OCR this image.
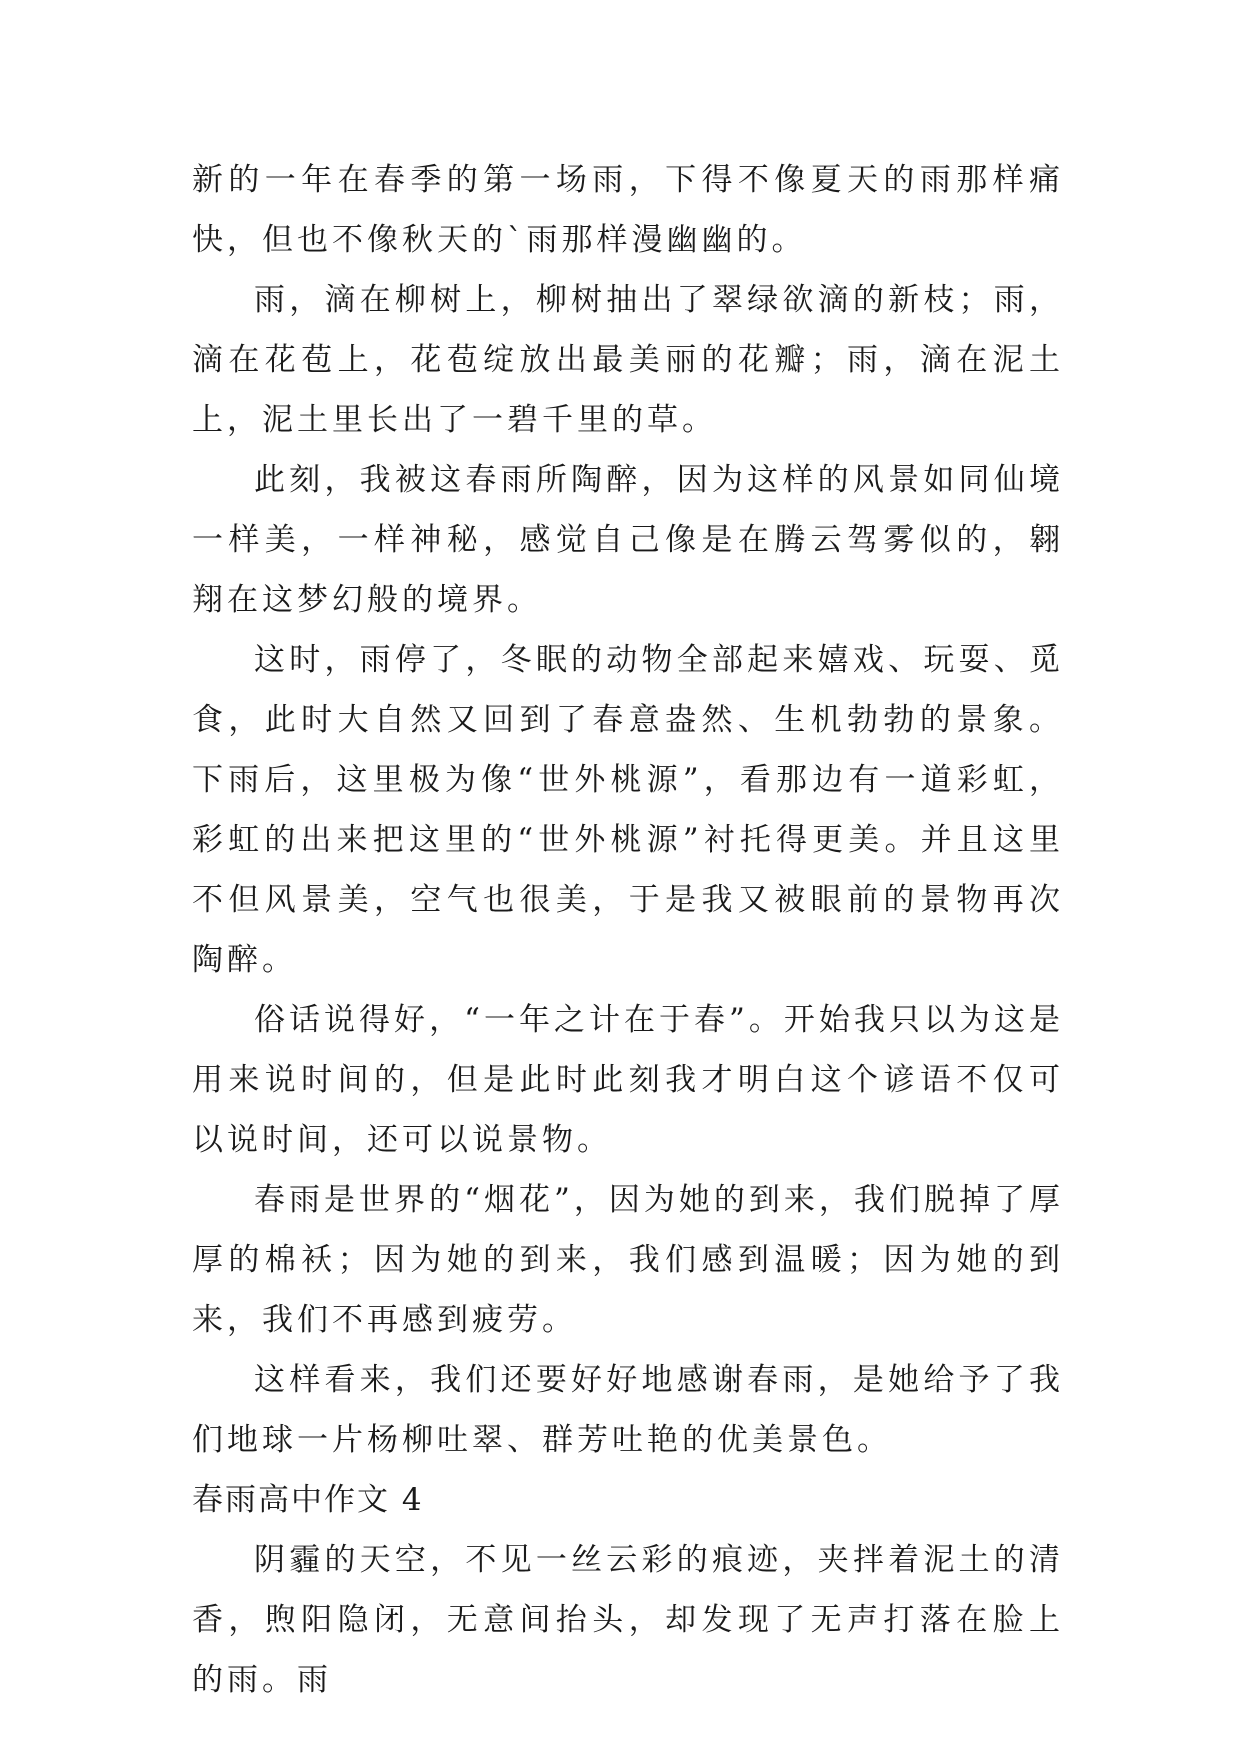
新的一年在春季的第一场雨，下得不像夏天的雨那样痛快，但也不像秋天的`雨那样漫幽幽的。

雨，滴在柳树上，柳树抽出了翠绿欲滴的新枝；雨，滴在花苞上，花苞绽放出最美丽的花瓣；雨，滴在泥土上，泥土里长出了一碧千里的草。

此刻，我被这春雨所陶醉，因为这样的风景如同仙境一样美，一样神秘，感觉自己像是在腾云驾雾似的，翱翔在这梦幻般的境界。

这时，雨停了，冬眠的动物全部起来嬉戏、玩耍、觅食，此时大自然又回到了春意盎然、生机勃勃的景象。下雨后，这里极为像“世外桃源”，看那边有一道彩虹，彩虹的出来把这里的“世外桃源”衬托得更美。并且这里不但风景美，空气也很美，于是我又被眼前的景物再次陶醉。

俗话说得好，“一年之计在于春”。开始我只以为这是用来说时间的，但是此时此刻我才明白这个谚语不仅可以说时间，还可以说景物。

春雨是世界的“烟花”，因为她的到来，我们脱掉了厚厚的棉袄；因为她的到来，我们感到温暖；因为她的到来，我们不再感到疲劳。

这样看来，我们还要好好地感谢春雨，是她给予了我们地球一片杨柳吐翠、群芳吐艳的优美景色。

春雨高中作文 4

阴霾的天空，不见一丝云彩的痕迹，夹拌着泥土的清香，煦阳隐闭，无意间抬头，却发现了无声打落在脸上的雨。雨
